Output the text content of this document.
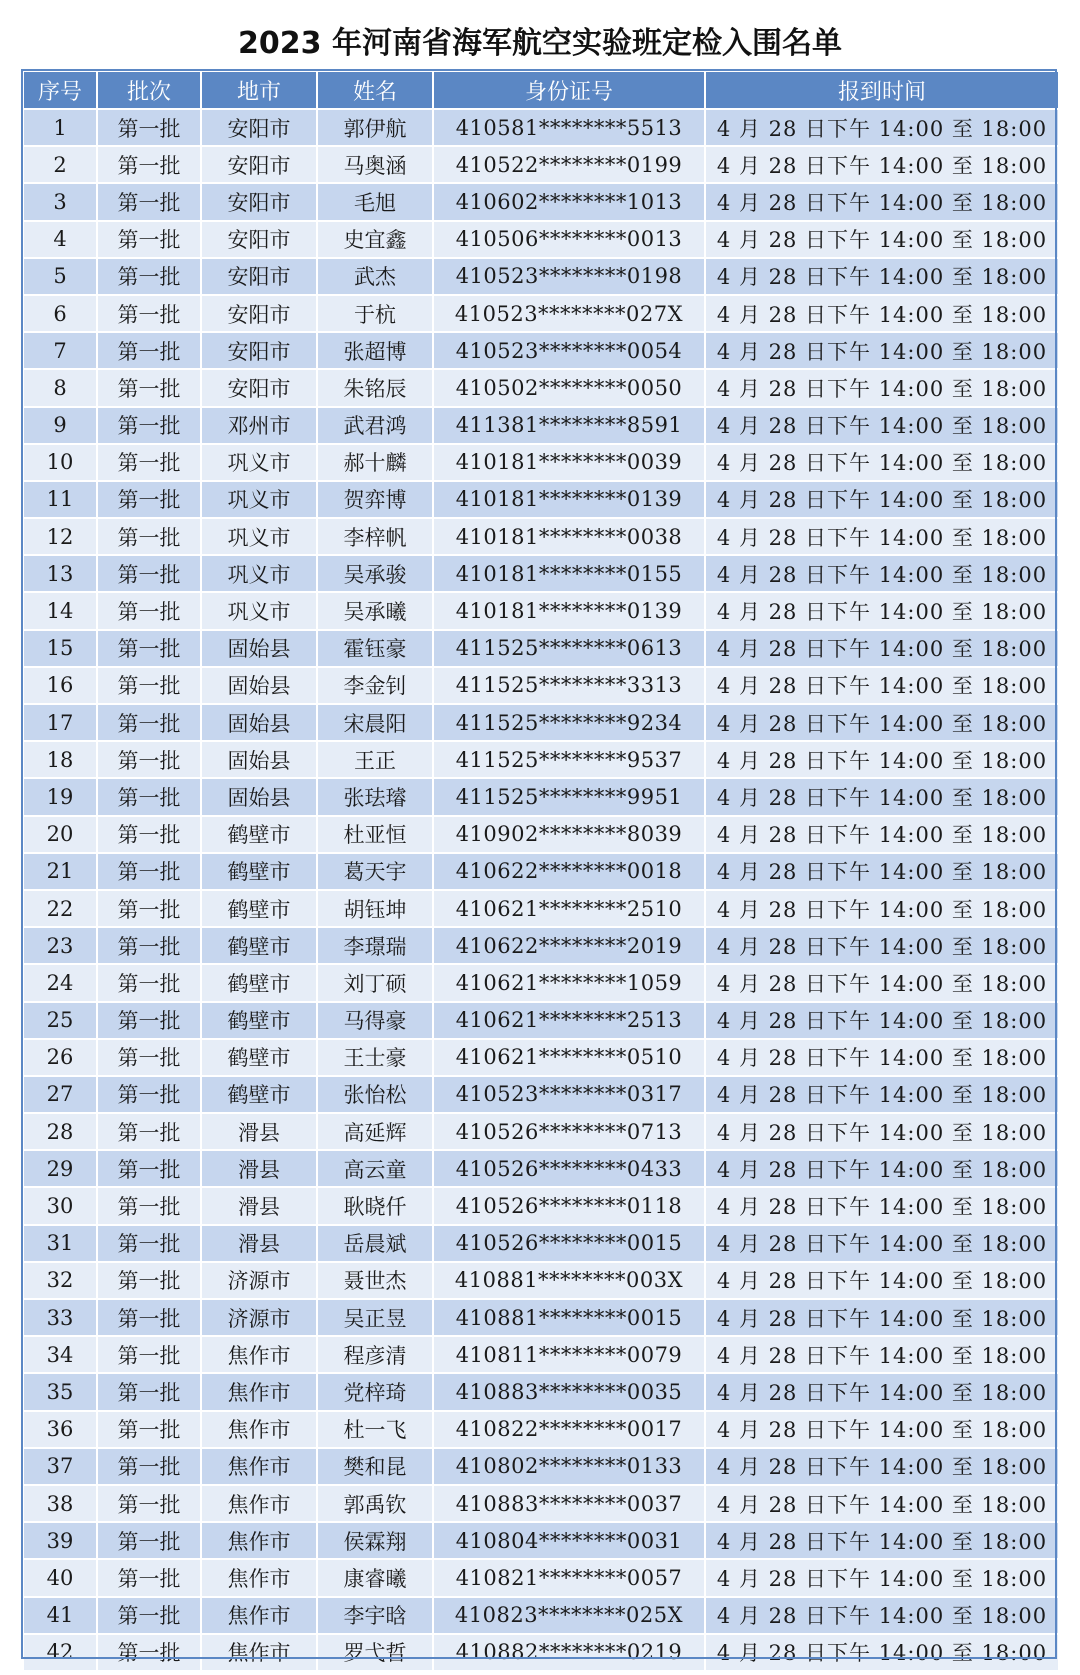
2023 年河南省海军航空实验班定检入围名单
序号	批次	地市	姓名	身份证号	报到时间
1	第一批	安阳市	郭伊航	410581********5513	4 月 28 日下午 14:00 至 18:00
2	第一批	安阳市	马奥涵	410522********0199	4 月 28 日下午 14:00 至 18:00
3	第一批	安阳市	毛旭	410602********1013	4 月 28 日下午 14:00 至 18:00
4	第一批	安阳市	史宜鑫	410506********0013	4 月 28 日下午 14:00 至 18:00
5	第一批	安阳市	武杰	410523********0198	4 月 28 日下午 14:00 至 18:00
6	第一批	安阳市	于杭	410523********027X	4 月 28 日下午 14:00 至 18:00
7	第一批	安阳市	张超博	410523********0054	4 月 28 日下午 14:00 至 18:00
8	第一批	安阳市	朱铭辰	410502********0050	4 月 28 日下午 14:00 至 18:00
9	第一批	邓州市	武君鸿	411381********8591	4 月 28 日下午 14:00 至 18:00
10	第一批	巩义市	郝十麟	410181********0039	4 月 28 日下午 14:00 至 18:00
11	第一批	巩义市	贺弈博	410181********0139	4 月 28 日下午 14:00 至 18:00
12	第一批	巩义市	李梓帆	410181********0038	4 月 28 日下午 14:00 至 18:00
13	第一批	巩义市	吴承骏	410181********0155	4 月 28 日下午 14:00 至 18:00
14	第一批	巩义市	吴承曦	410181********0139	4 月 28 日下午 14:00 至 18:00
15	第一批	固始县	霍钰豪	411525********0613	4 月 28 日下午 14:00 至 18:00
16	第一批	固始县	李金钊	411525********3313	4 月 28 日下午 14:00 至 18:00
17	第一批	固始县	宋晨阳	411525********9234	4 月 28 日下午 14:00 至 18:00
18	第一批	固始县	王正	411525********9537	4 月 28 日下午 14:00 至 18:00
19	第一批	固始县	张珐璿	411525********9951	4 月 28 日下午 14:00 至 18:00
20	第一批	鹤壁市	杜亚恒	410902********8039	4 月 28 日下午 14:00 至 18:00
21	第一批	鹤壁市	葛天宇	410622********0018	4 月 28 日下午 14:00 至 18:00
22	第一批	鹤壁市	胡钰坤	410621********2510	4 月 28 日下午 14:00 至 18:00
23	第一批	鹤壁市	李璟瑞	410622********2019	4 月 28 日下午 14:00 至 18:00
24	第一批	鹤壁市	刘丁硕	410621********1059	4 月 28 日下午 14:00 至 18:00
25	第一批	鹤壁市	马得豪	410621********2513	4 月 28 日下午 14:00 至 18:00
26	第一批	鹤壁市	王士豪	410621********0510	4 月 28 日下午 14:00 至 18:00
27	第一批	鹤壁市	张怡松	410523********0317	4 月 28 日下午 14:00 至 18:00
28	第一批	滑县	高延辉	410526********0713	4 月 28 日下午 14:00 至 18:00
29	第一批	滑县	高云童	410526********0433	4 月 28 日下午 14:00 至 18:00
30	第一批	滑县	耿晓仟	410526********0118	4 月 28 日下午 14:00 至 18:00
31	第一批	滑县	岳晨斌	410526********0015	4 月 28 日下午 14:00 至 18:00
32	第一批	济源市	聂世杰	410881********003X	4 月 28 日下午 14:00 至 18:00
33	第一批	济源市	吴正昱	410881********0015	4 月 28 日下午 14:00 至 18:00
34	第一批	焦作市	程彦清	410811********0079	4 月 28 日下午 14:00 至 18:00
35	第一批	焦作市	党梓琦	410883********0035	4 月 28 日下午 14:00 至 18:00
36	第一批	焦作市	杜一飞	410822********0017	4 月 28 日下午 14:00 至 18:00
37	第一批	焦作市	樊和昆	410802********0133	4 月 28 日下午 14:00 至 18:00
38	第一批	焦作市	郭禹钦	410883********0037	4 月 28 日下午 14:00 至 18:00
39	第一批	焦作市	侯霖翔	410804********0031	4 月 28 日下午 14:00 至 18:00
40	第一批	焦作市	康睿曦	410821********0057	4 月 28 日下午 14:00 至 18:00
41	第一批	焦作市	李宇晗	410823********025X	4 月 28 日下午 14:00 至 18:00
42	第一批	焦作市	罗弋哲	410882********0219	4 月 28 日下午 14:00 至 18:00
